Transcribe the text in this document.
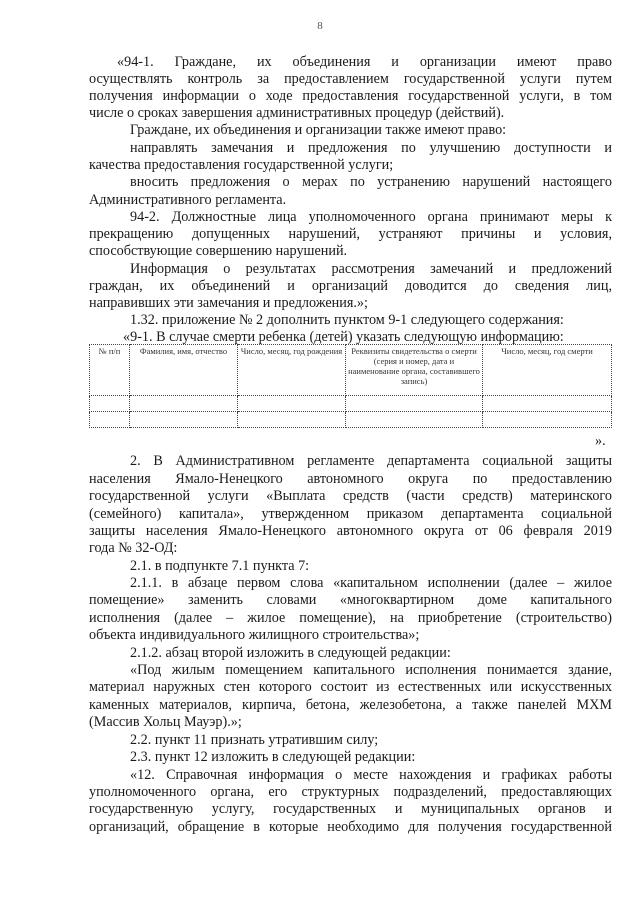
8
«94-1. Граждане, их объединения и организации имеют право
осуществлять контроль за предоставлением государственной услуги путем
получения информации о ходе предоставления государственной услуги, в том
числе о сроках завершения административных процедур (действий).
Граждане, их объединения и организации также имеют право:
направлять замечания и предложения по улучшению доступности и
качества предоставления государственной услуги;
вносить предложения о мерах по устранению нарушений настоящего
Административного регламента.
94-2. Должностные лица уполномоченного органа принимают меры к
прекращению допущенных нарушений, устраняют причины и условия,
способствующие совершению нарушений.
Информация о результатах рассмотрения замечаний и предложений
граждан, их объединений и организаций доводится до сведения лиц,
направивших эти замечания и предложения.»;
1.32. приложение № 2 дополнить пунктом 9-1 следующего содержания:
«9-1. В случае смерти ребенка (детей) указать следующую информацию:
».
2. В Административном регламенте департамента социальной защиты
населения Ямало-Ненецкого автономного округа по предоставлению
государственной услуги «Выплата средств (части средств) материнского
(семейного) капитала», утвержденном приказом департамента социальной
защиты населения Ямало-Ненецкого автономного округа от 06 февраля 2019
года № 32-ОД:
2.1. в подпункте 7.1 пункта 7:
2.1.1. в абзаце первом слова «капитальном исполнении (далее – жилое
помещение» заменить словами «многоквартирном доме капитального
исполнения (далее – жилое помещение), на приобретение (строительство)
объекта индивидуального жилищного строительства»;
2.1.2. абзац второй изложить в следующей редакции:
«Под жилым помещением капитального исполнения понимается здание,
материал наружных стен которого состоит из естественных или искусственных
каменных материалов, кирпича, бетона, железобетона, а также панелей МХМ
(Массив Хольц Мауэр).»;
2.2. пункт 11 признать утратившим силу;
2.3. пункт 12 изложить в следующей редакции:
«12. Справочная информация о месте нахождения и графиках работы
уполномоченного органа, его структурных подразделений, предоставляющих
государственную услугу, государственных и муниципальных органов и
организаций, обращение в которые необходимо для получения государственной
№ п/п	Фамилия, имя, отчество	Число, месяц, год рождения	Реквизиты свидетельства о смерти (серия и номер, дата и наименование органа, составившего запись)	Число, месяц, год смерти
